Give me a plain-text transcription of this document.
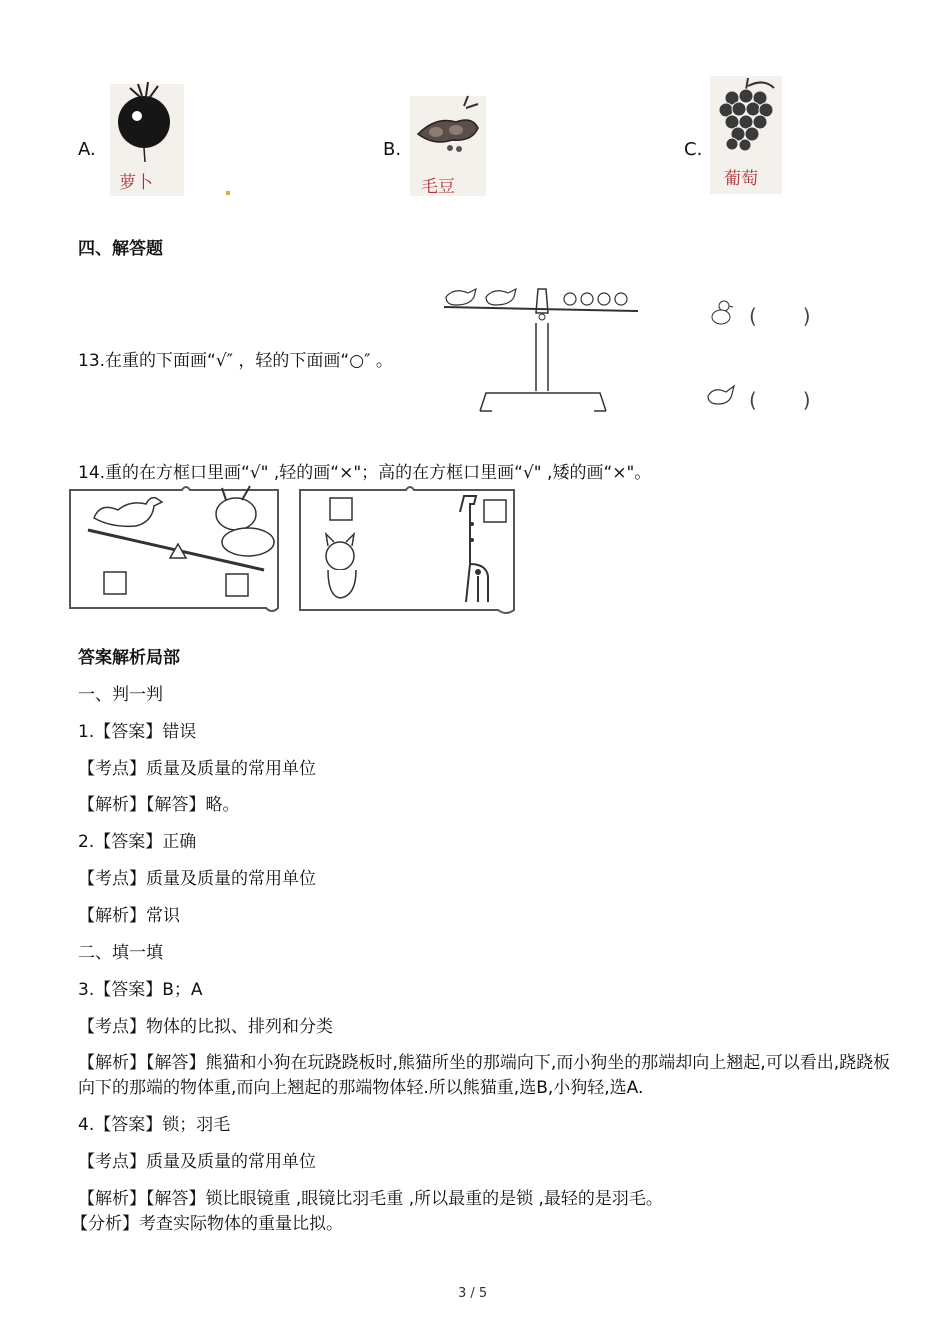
A.
萝卜
B.
毛豆
C.
葡萄
四、解答题
13.在重的下面画“√″ ，轻的下面画“○″ 。
(　　)
(　　)
14.重的在方框口里画“√" ,轻的画“×"；高的在方框口里画“√" ,矮的画“×"。
答案解析局部
一、判一判
1.【答案】错误
【考点】质量及质量的常用单位
【解析】【解答】略。
2.【答案】正确
【考点】质量及质量的常用单位
【解析】常识
二、填一填
3.【答案】B；A
【考点】物体的比拟、排列和分类
【解析】【解答】熊猫和小狗在玩跷跷板时,熊猫所坐的那端向下,而小狗坐的那端却向上翘起,可以看出,跷跷板向下的那端的物体重,而向上翘起的那端物体轻.所以熊猫重,选B,小狗轻,选A.
4.【答案】锁；羽毛
【考点】质量及质量的常用单位
【解析】【解答】锁比眼镜重 ,眼镜比羽毛重 ,所以最重的是锁 ,最轻的是羽毛。
【分析】考查实际物体的重量比拟。
3 / 5
